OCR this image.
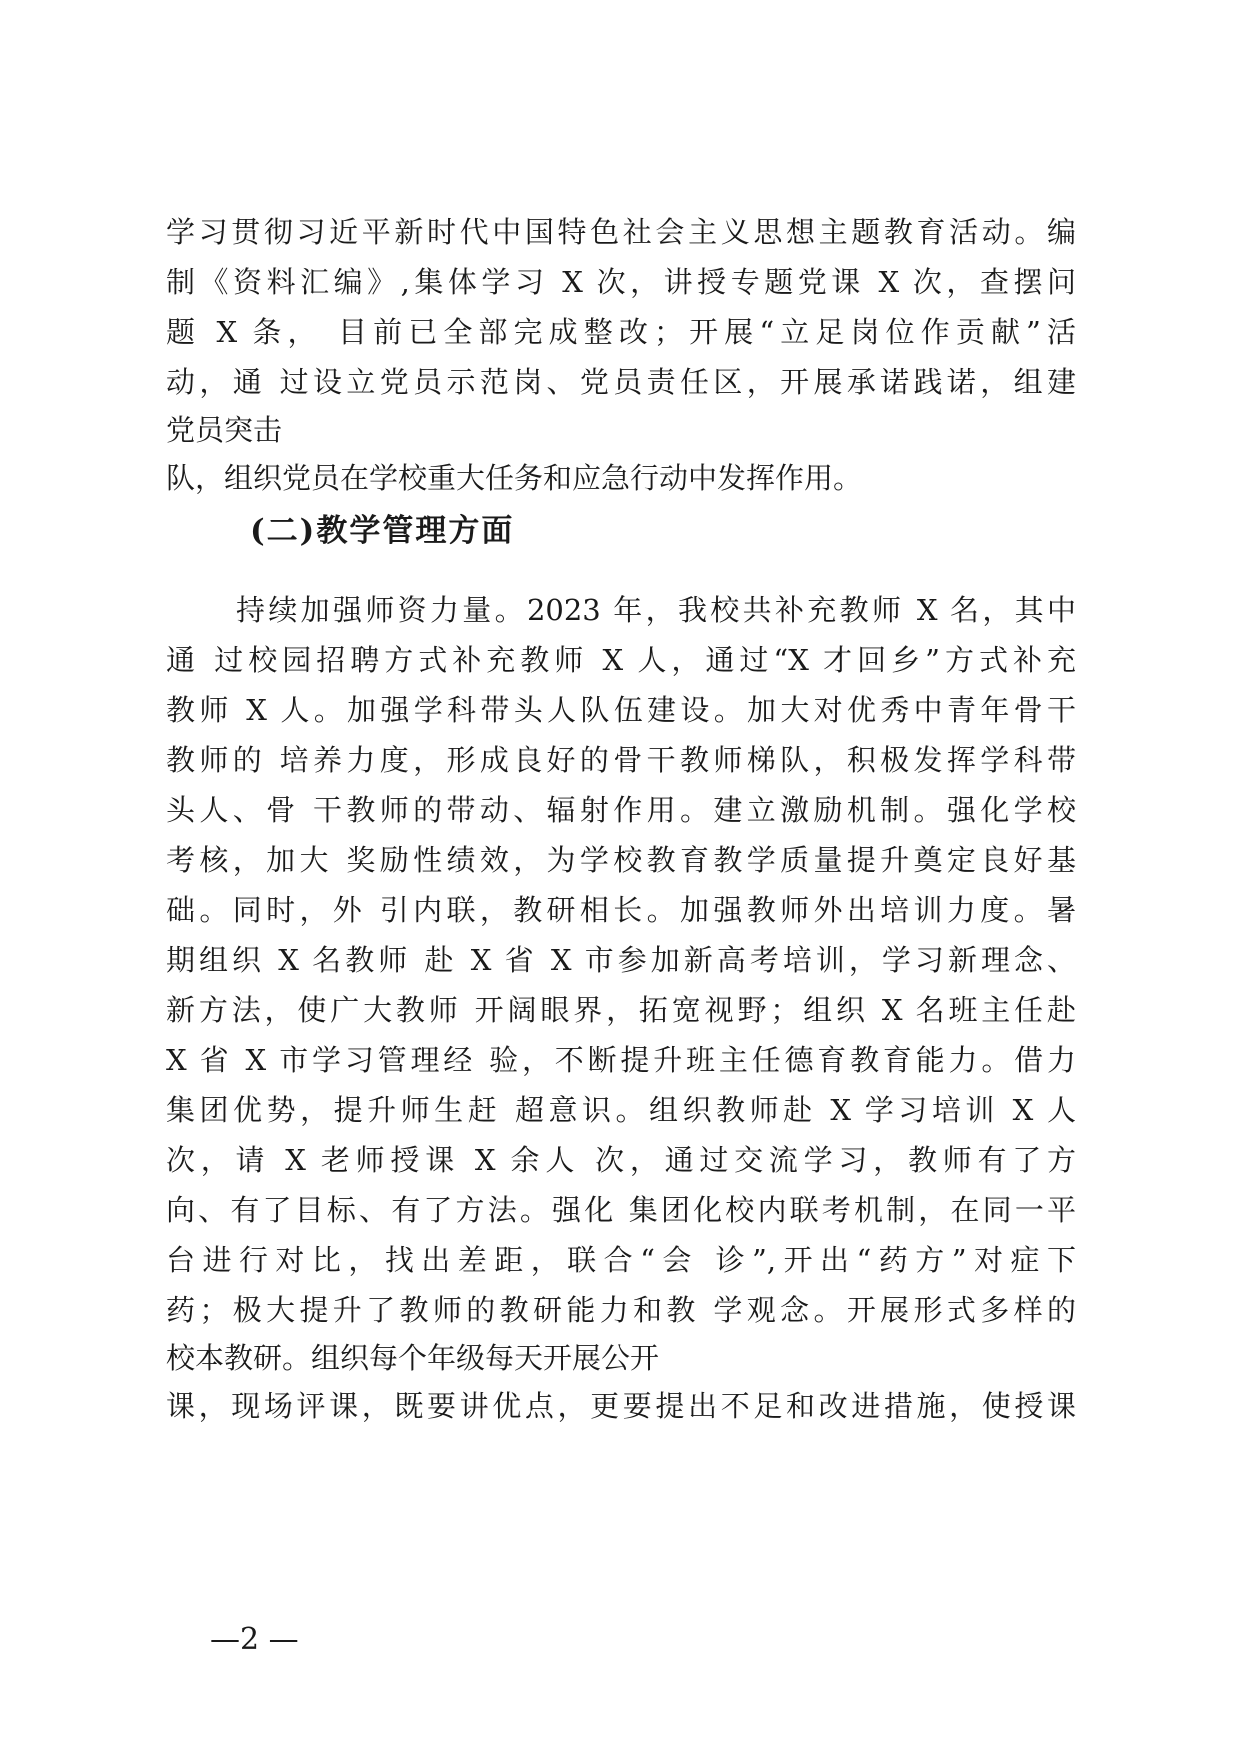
学习贯彻习近平新时代中国特色社会主义思想主题教育活动。编
制《资料汇编》,集体学习 X 次，讲授专题党课 X 次，查摆问
题 X 条， 目前已全部完成整改；开展“立足岗位作贡献”活
动，通 过设立党员示范岗、党员责任区，开展承诺践诺，组建
党员突击
队，组织党员在学校重大任务和应急行动中发挥作用。
(二)教学管理方面
持续加强师资力量。2023 年，我校共补充教师 X 名，其中
通 过校园招聘方式补充教师 X 人，通过“X 才回乡”方式补充
教师 X 人。加强学科带头人队伍建设。加大对优秀中青年骨干
教师的 培养力度，形成良好的骨干教师梯队，积极发挥学科带
头人、骨 干教师的带动、辐射作用。建立激励机制。强化学校
考核，加大 奖励性绩效，为学校教育教学质量提升奠定良好基
础。同时，外 引内联，教研相长。加强教师外出培训力度。暑
期组织 X 名教师 赴 X 省 X 市参加新高考培训，学习新理念、
新方法，使广大教师 开阔眼界，拓宽视野；组织 X 名班主任赴
X 省 X 市学习管理经 验，不断提升班主任德育教育能力。借力
集团优势，提升师生赶 超意识。组织教师赴 X 学习培训 X 人
次，请 X 老师授课 X 余人 次，通过交流学习，教师有了方
向、有了目标、有了方法。强化 集团化校内联考机制，在同一平
台进行对比，找出差距，联合“会 诊”,开出“药方”对症下
药；极大提升了教师的教研能力和教 学观念。开展形式多样的
校本教研。组织每个年级每天开展公开
课，现场评课，既要讲优点，更要提出不足和改进措施，使授课
—2 —
